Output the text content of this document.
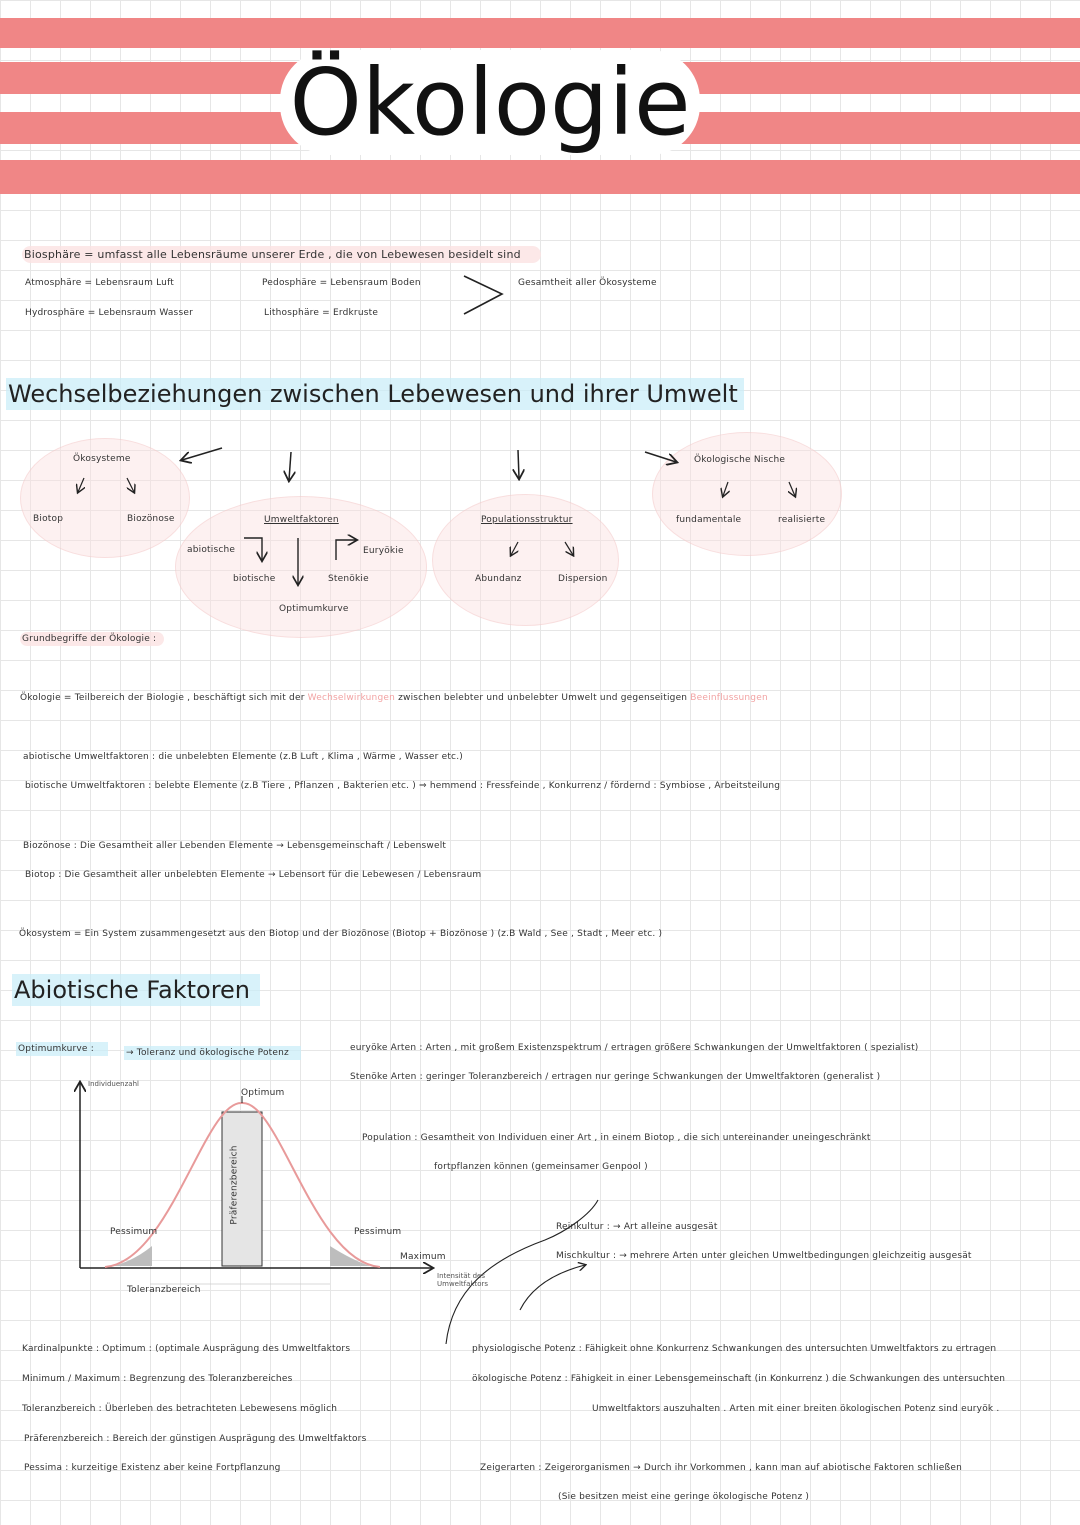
Ökologie
Biosphäre = umfasst alle Lebensräume unserer Erde , die von Lebewesen besidelt sind
Atmosphäre = Lebensraum Luft
Hydrosphäre = Lebensraum Wasser
Pedosphäre = Lebensraum Boden
Lithosphäre = Erdkruste
Gesamtheit aller Ökosysteme
Wechselbeziehungen zwischen Lebewesen und ihrer Umwelt
Ökosysteme
Biotop	Biozönose	Umweltfaktoren
abiotische
biotische
Euryökie
Stenökie
Optimumkurve
Populationsstruktur
Abundanz	Dispersion
Ökologische Nische
fundamentale	realisierte
Grundbegriffe der Ökologie :
Ökologie = Teilbereich der Biologie , beschäftigt sich mit der Wechselwirkungen zwischen belebter und unbelebter Umwelt und gegenseitigen Beeinflussungen
abiotische Umweltfaktoren : die unbelebten Elemente (z.B Luft , Klima , Wärme , Wasser etc.)
biotische Umweltfaktoren : belebte Elemente (z.B Tiere , Pflanzen , Bakterien etc. ) ⇒ hemmend : Fressfeinde , Konkurrenz / fördernd : Symbiose , Arbeitsteilung
Biozönose : Die Gesamtheit aller Lebenden Elemente → Lebensgemeinschaft / Lebenswelt
Biotop : Die Gesamtheit aller unbelebten Elemente → Lebensort für die Lebewesen / Lebensraum
Ökosystem = Ein System zusammengesetzt aus den Biotop und der Biozönose (Biotop + Biozönose ) (z.B Wald , See , Stadt , Meer etc. )
Abiotische Faktoren
Optimumkurve :	→ Toleranz und ökologische Potenz	euryöke Arten : Arten , mit großem Existenzspektrum / ertragen größere Schwankungen der Umweltfaktoren ( spezialist)
Stenöke Arten : geringer Toleranzbereich / ertragen nur geringe Schwankungen der Umweltfaktoren (generalist )
Population : Gesamtheit von Individuen einer Art , in einem Biotop , die sich untereinander uneingeschränkt
fortpflanzen können (gemeinsamer Genpool )
Reinkultur : → Art alleine ausgesät
Mischkultur : → mehrere Arten unter gleichen Umweltbedingungen gleichzeitig ausgesät
Individuenzahl
Optimum
Pessimum	Pessimum
Maximum
Präferenzbereich
Toleranzbereich
Intensität des Umweltfaktors
Kardinalpunkte : Optimum : (optimale Ausprägung des Umweltfaktors
Minimum / Maximum : Begrenzung des Toleranzbereiches
Toleranzbereich : Überleben des betrachteten Lebewesens möglich
Präferenzbereich : Bereich der günstigen Ausprägung des Umweltfaktors
Pessima : kurzeitige Existenz aber keine Fortpflanzung
physiologische Potenz : Fähigkeit ohne Konkurrenz Schwankungen des untersuchten Umweltfaktors zu ertragen
ökologische Potenz : Fähigkeit in einer Lebensgemeinschaft (in Konkurrenz ) die Schwankungen des untersuchten
Umweltfaktors auszuhalten . Arten mit einer breiten ökologischen Potenz sind euryök .
Zeigerarten : Zeigerorganismen → Durch ihr Vorkommen , kann man auf abiotische Faktoren schließen
(Sie besitzen meist eine geringe ökologische Potenz )
